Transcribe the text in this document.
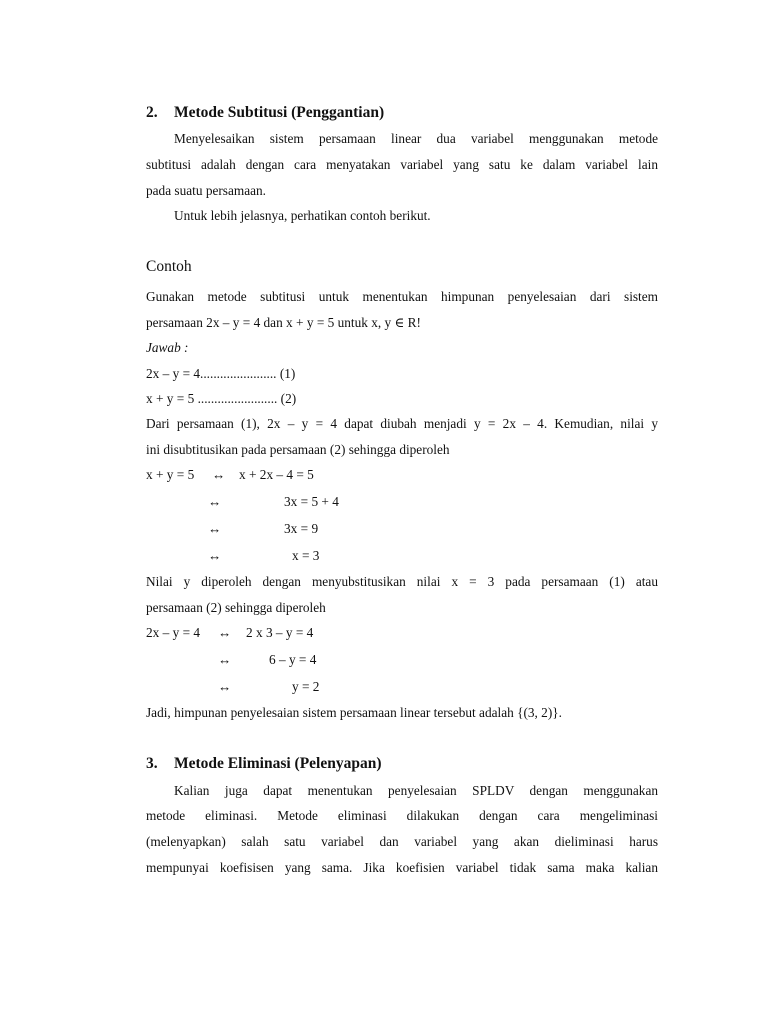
2. Metode Subtitusi (Penggantian)
Menyelesaikan sistem persamaan linear dua variabel menggunakan metode
subtitusi adalah dengan cara menyatakan variabel yang satu ke dalam variabel lain
pada suatu persamaan.
Untuk lebih jelasnya, perhatikan contoh berikut.
Contoh
Gunakan metode subtitusi untuk menentukan himpunan penyelesaian dari sistem
persamaan 2x – y = 4 dan x + y = 5 untuk x, y ∈ R!
Jawab :
2x – y = 4....................... (1)
x + y = 5 ........................ (2)
Dari persamaan (1), 2x – y = 4 dapat diubah menjadi y = 2x – 4. Kemudian, nilai y
ini disubtitusikan pada persamaan (2) sehingga diperoleh
x + y = 5 ↔ x + 2x – 4 = 5
↔	3x = 5 + 4
↔	3x = 9
↔	x = 3
Nilai y diperoleh dengan menyubstitusikan nilai x = 3 pada persamaan (1) atau
persamaan (2) sehingga diperoleh
2x – y = 4 ↔ 2 x 3 – y = 4
↔	6 – y = 4
↔	y = 2
Jadi, himpunan penyelesaian sistem persamaan linear tersebut adalah {(3, 2)}.
3. Metode Eliminasi (Pelenyapan)
Kalian juga dapat menentukan penyelesaian SPLDV dengan menggunakan
metode eliminasi. Metode eliminasi dilakukan dengan cara mengeliminasi
(melenyapkan) salah satu variabel dan variabel yang akan dieliminasi harus
mempunyai koefisisen yang sama. Jika koefisien variabel tidak sama maka kalian
